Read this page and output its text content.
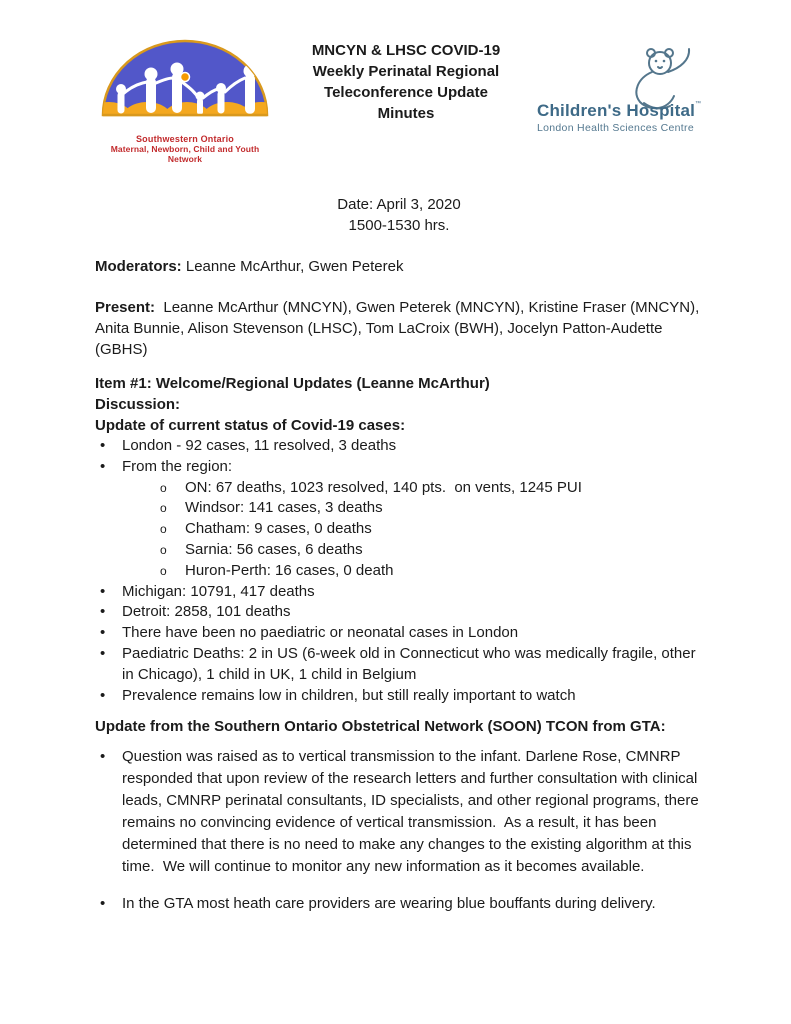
Southwestern Ontario
Maternal, Newborn, Child and Youth Network
MNCYN & LHSC COVID-19
Weekly Perinatal Regional
Teleconference Update
Minutes	Children's Hospital™
London Health Sciences Centre
Date: April 3, 2020
1500-1530 hrs.

Moderators: Leanne McArthur, Gwen Peterek

Present:  Leanne McArthur (MNCYN), Gwen Peterek (MNCYN), Kristine Fraser (MNCYN), Anita Bunnie, Alison Stevenson (LHSC), Tom LaCroix (BWH), Jocelyn Patton-Audette (GBHS)

Item #1: Welcome/Regional Updates (Leanne McArthur)
Discussion:
Update of current status of Covid-19 cases:
• London - 92 cases, 11 resolved, 3 deaths
• From the region:
o ON: 67 deaths, 1023 resolved, 140 pts.  on vents, 1245 PUI
o Windsor: 141 cases, 3 deaths
o Chatham: 9 cases, 0 deaths
o Sarnia: 56 cases, 6 deaths
o Huron-Perth: 16 cases, 0 death
• Michigan: 10791, 417 deaths
• Detroit: 2858, 101 deaths
• There have been no paediatric or neonatal cases in London
• Paediatric Deaths: 2 in US (6-week old in Connecticut who was medically fragile, other in Chicago), 1 child in UK, 1 child in Belgium
• Prevalence remains low in children, but still really important to watch
Update from the Southern Ontario Obstetrical Network (SOON) TCON from GTA:
• Question was raised as to vertical transmission to the infant. Darlene Rose, CMNRP responded that upon review of the research letters and further consultation with clinical leads, CMNRP perinatal consultants, ID specialists, and other regional programs, there remains no convincing evidence of vertical transmission.  As a result, it has been determined that there is no need to make any changes to the existing algorithm at this time.  We will continue to monitor any new information as it becomes available.
• In the GTA most heath care providers are wearing blue bouffants during delivery.
